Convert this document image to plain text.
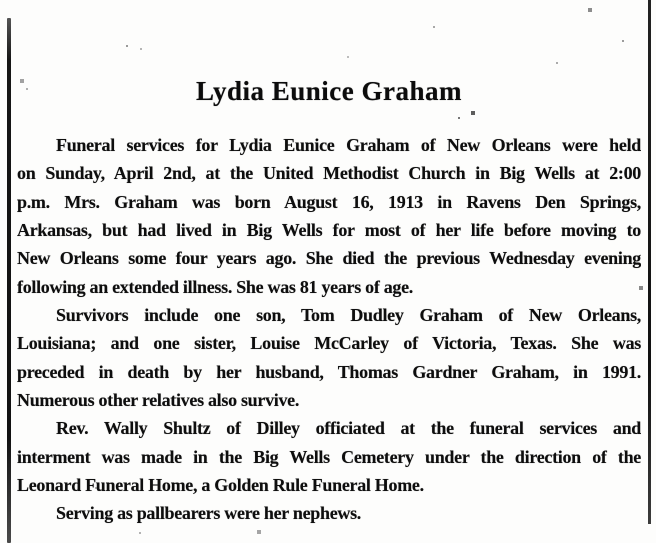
Lydia Eunice Graham
Funeral services for Lydia Eunice Graham of New Orleans were held
on Sunday, April 2nd, at the United Methodist Church in Big Wells at 2:00
p.m. Mrs. Graham was born August 16, 1913 in Ravens Den Springs,
Arkansas, but had lived in Big Wells for most of her life before moving to
New Orleans some four years ago. She died the previous Wednesday evening
following an extended illness. She was 81 years of age.
Survivors include one son, Tom Dudley Graham of New Orleans,
Louisiana; and one sister, Louise McCarley of Victoria, Texas. She was
preceded in death by her husband, Thomas Gardner Graham, in 1991.
Numerous other relatives also survive.
Rev. Wally Shultz of Dilley officiated at the funeral services and
interment was made in the Big Wells Cemetery under the direction of the
Leonard Funeral Home, a Golden Rule Funeral Home.
Serving as pallbearers were her nephews.
